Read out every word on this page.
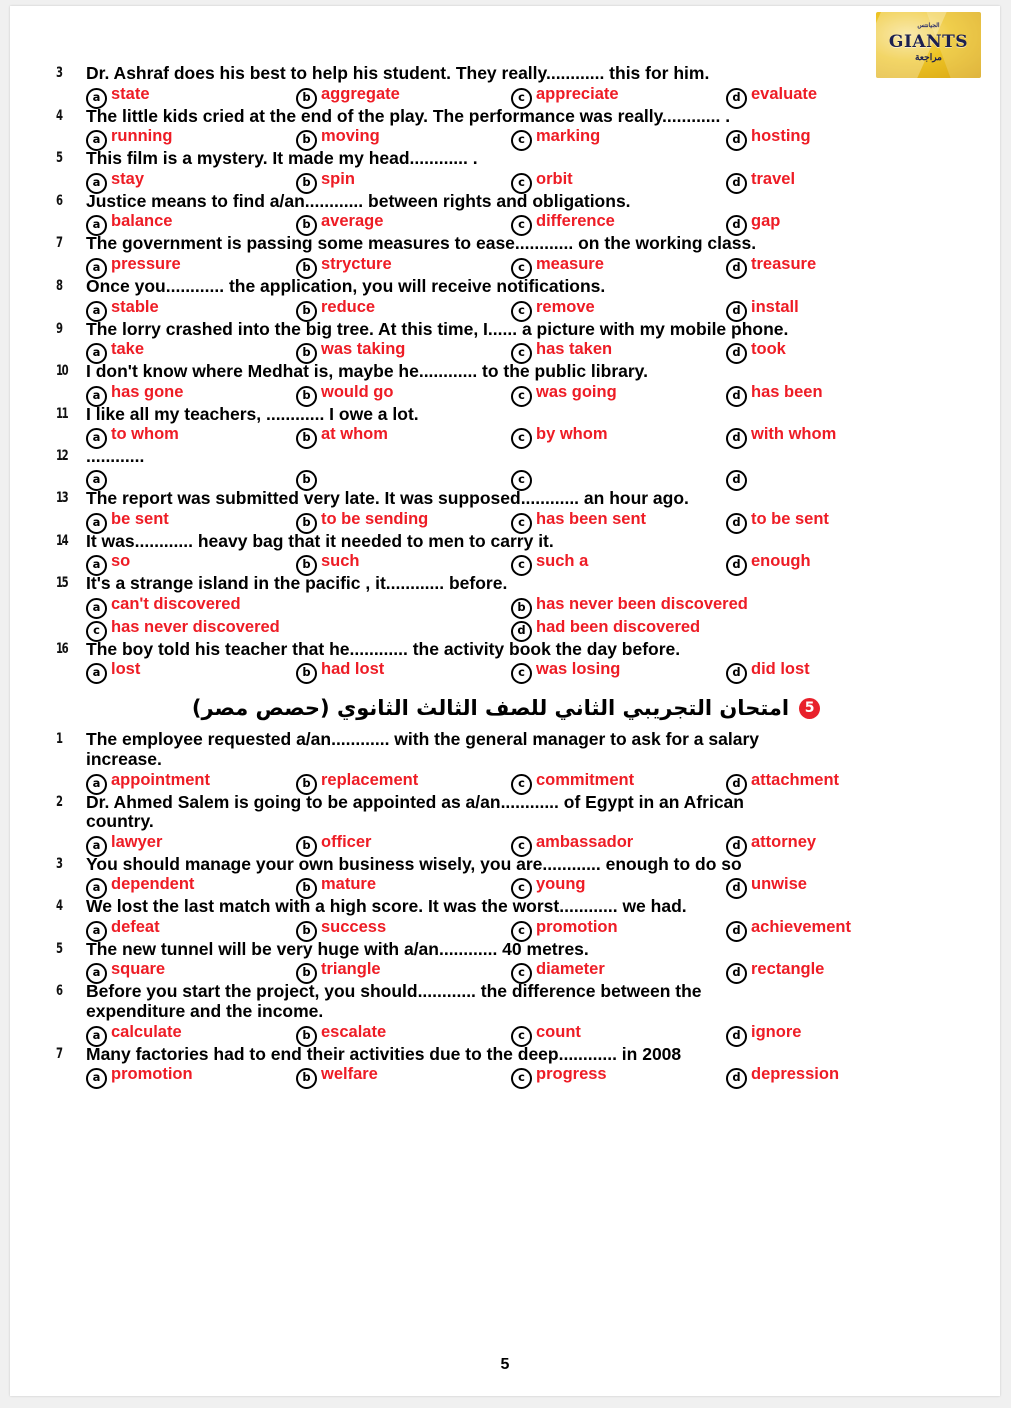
الجيانتس
GIANTS
مراجعة
3	Dr. Ashraf does his best to help his student. They really............ this for him.
a state	b aggregate	c appreciate	d evaluate
4	The little kids cried at the end of the play. The performance was really............ .
a running	b moving	c marking	d hosting
5	This film is a mystery. It made my head............ .
a stay	b spin	c orbit	d travel
6	Justice means to find a/an............ between rights and obligations.
a balance	b average	c difference	d gap
7	The government is passing some measures to ease............ on the working class.
a pressure	b strycture	c measure	d treasure
8	Once you............ the application, you will receive notifications.
a stable	b reduce	c remove	d install
9	The lorry crashed into the big tree. At this time, I...... a picture with my mobile phone.
a take	b was taking	c has taken	d took
10	I don't know where Medhat is, maybe he............ to the public library.
a has gone	b would go	c was going	d has been
11	I like all my teachers, ............ I owe a lot.
a to whom	b at whom	c by whom	d with whom
12	............
a	b	c	d
13	The report was submitted very late. It was supposed............ an hour ago.
a be sent	b to be sending	c has been sent	d to be sent
14	It was............ heavy bag that it needed to men to carry it.
a so	b such	c such a	d enough
15	It's a strange island in the pacific , it............ before.
a can't discovered	b has never been discovered
c has never discovered	d had been discovered
16	The boy told his teacher that he............ the activity book the day before.
a lost	b had lost	c was losing	d did lost
5
امتحان التجريبي الثاني للصف الثالث الثانوي (حصص مصر)
1	The employee requested a/an............ with the general manager to ask for a salary
increase.
a appointment	b replacement	c commitment	d attachment
2	Dr. Ahmed Salem is going to be appointed as a/an............ of Egypt in an African
country.
a lawyer	b officer	c ambassador	d attorney
3	You should manage your own business wisely, you are............ enough to do so
a dependent	b mature	c young	d unwise
4	We lost the last match with a high score. It was the worst............ we had.
a defeat	b success	c promotion	d achievement
5	The new tunnel will be very huge with a/an............ 40 metres.
a square	b triangle	c diameter	d rectangle
6	Before you start the project, you should............ the difference between the
expenditure and the income.
a calculate	b escalate	c count	d ignore
7	Many factories had to end their activities due to the deep............ in 2008
a promotion	b welfare	c progress	d depression
5
